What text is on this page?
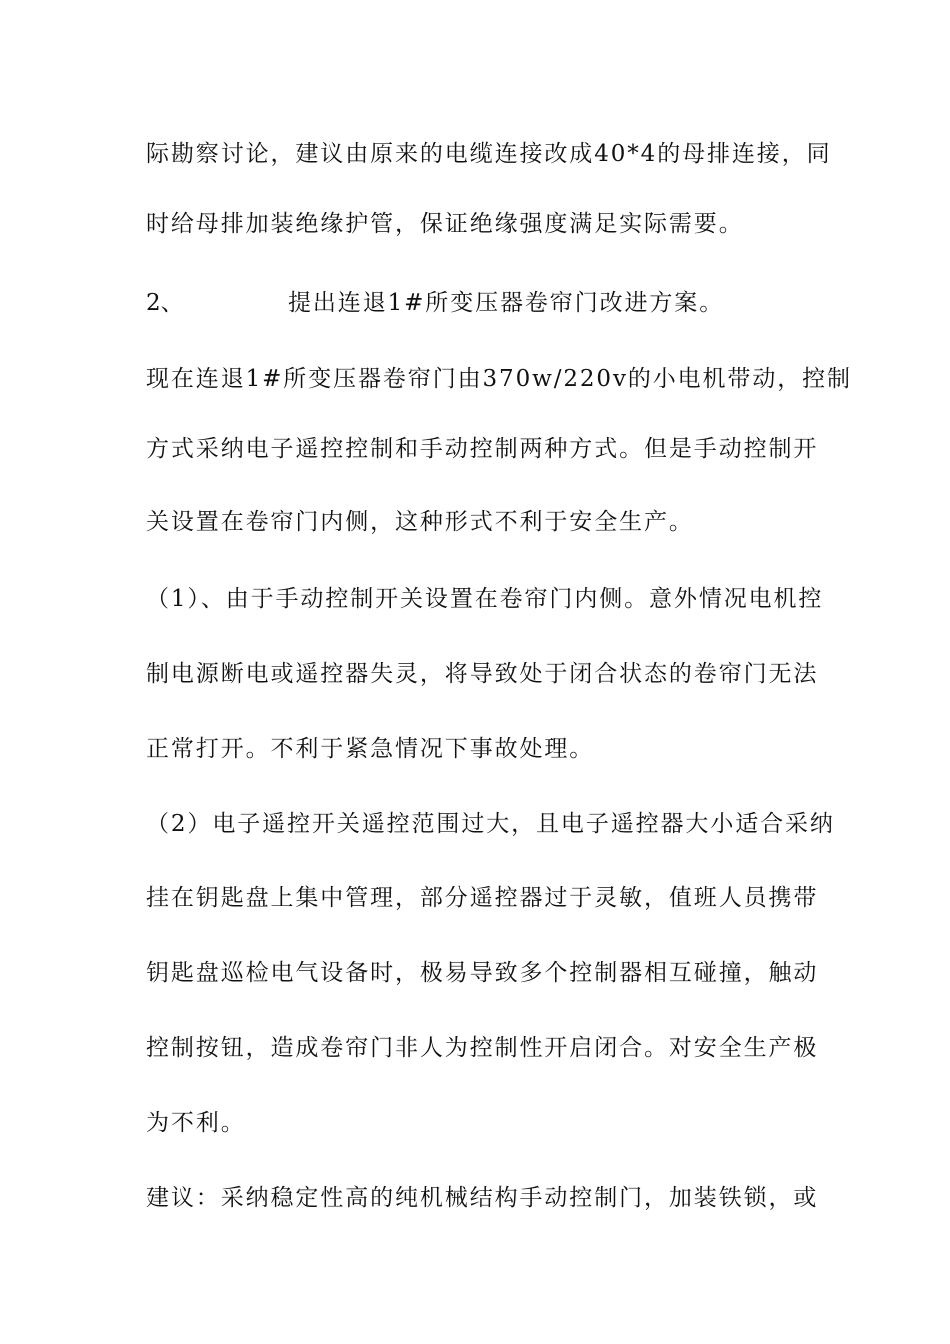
际勘察讨论，建议由原来的电缆连接改成40*4的母排连接，同
时给母排加装绝缘护管，保证绝缘强度满足实际需要。
2、	提出连退1#所变压器卷帘门改进方案。
现在连退1#所变压器卷帘门由370w/220v的小电机带动，控制
方式采纳电子遥控控制和手动控制两种方式。但是手动控制开
关设置在卷帘门内侧，这种形式不利于安全生产。
（1）、由于手动控制开关设置在卷帘门内侧。意外情况电机控
制电源断电或遥控器失灵，将导致处于闭合状态的卷帘门无法
正常打开。不利于紧急情况下事故处理。
（2）电子遥控开关遥控范围过大，且电子遥控器大小适合采纳
挂在钥匙盘上集中管理，部分遥控器过于灵敏，值班人员携带
钥匙盘巡检电气设备时，极易导致多个控制器相互碰撞，触动
控制按钮，造成卷帘门非人为控制性开启闭合。对安全生产极
为不利。
建议：采纳稳定性高的纯机械结构手动控制门，加装铁锁，或
